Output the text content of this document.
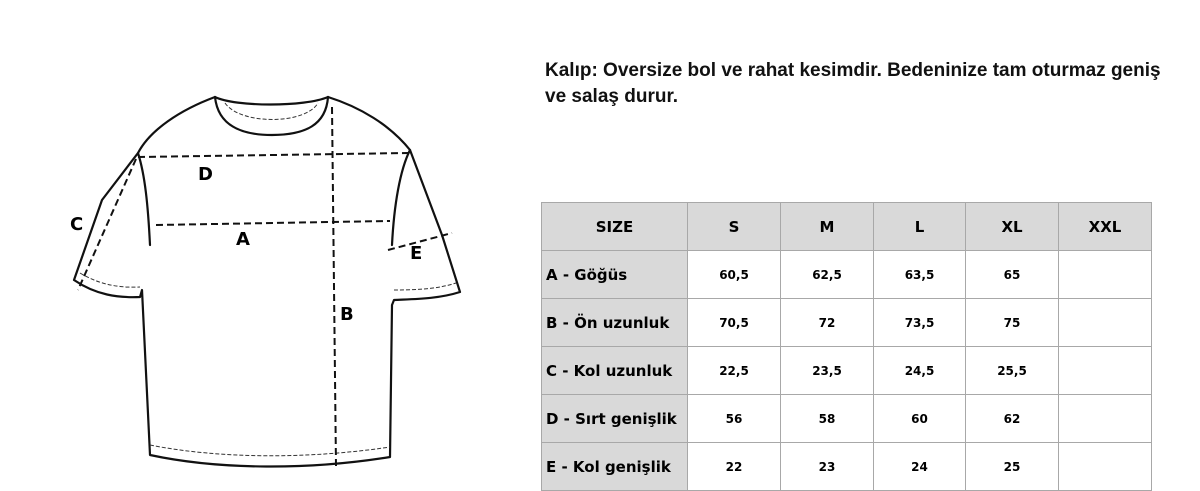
D
A
B
C
E

Kalıp: Oversize bol ve rahat kesimdir. Bedeninize tam oturmaz geniş ve salaş durur.

SIZE	S	M	L	XL	XXL
A - Göğüs	60,5	62,5	63,5	65	
B - Ön uzunluk	70,5	72	73,5	75	
C - Kol uzunluk	22,5	23,5	24,5	25,5	
D - Sırt genişlik	56	58	60	62	
E - Kol genişlik	22	23	24	25	
